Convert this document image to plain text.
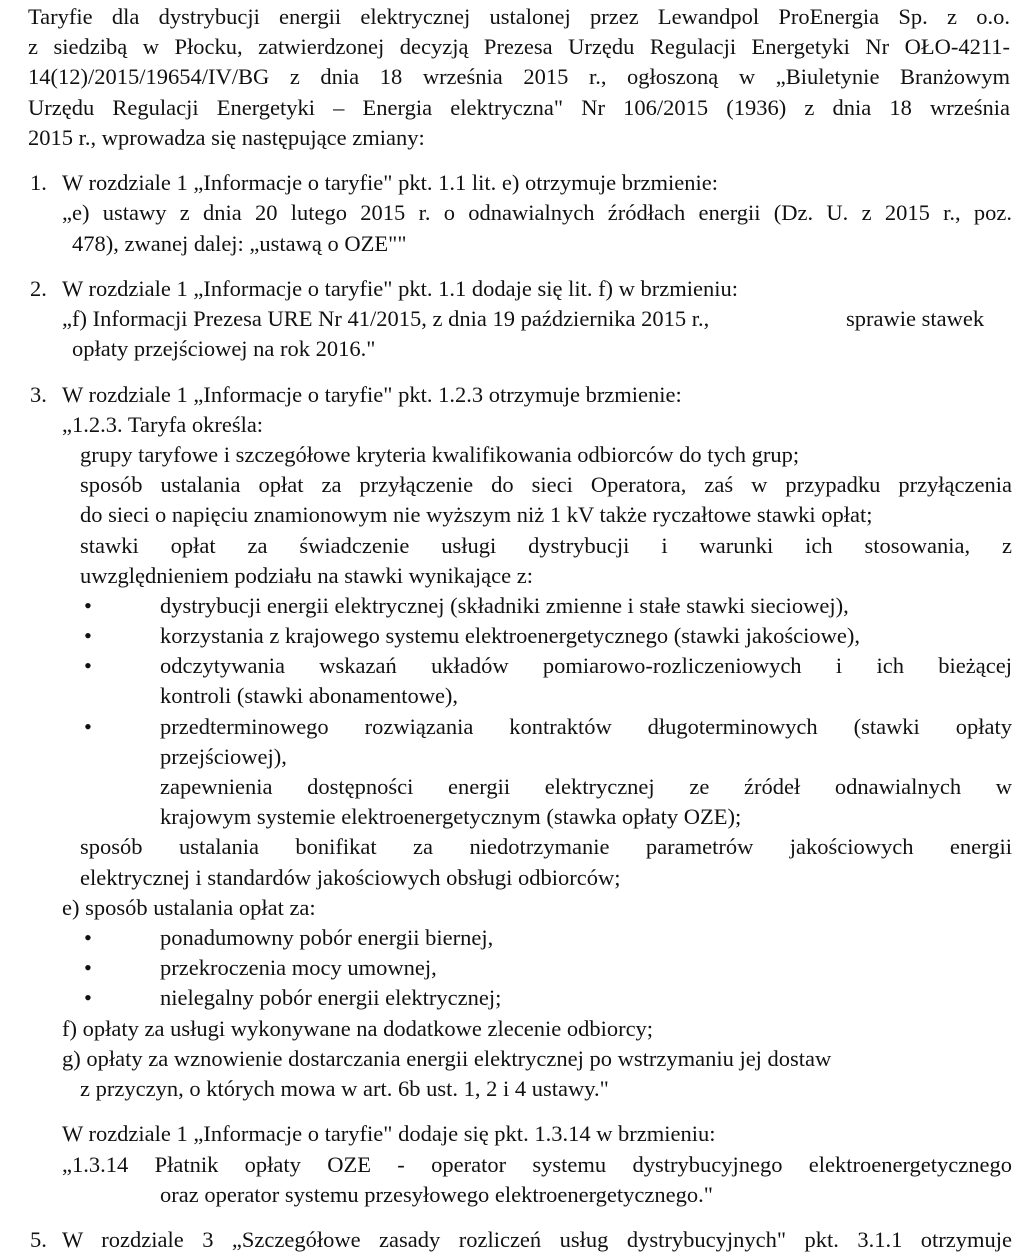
Taryfie dla dystrybucji energii elektrycznej ustalonej przez Lewandpol ProEnergia Sp. z o.o.
z siedzibą w Płocku, zatwierdzonej decyzją Prezesa Urzędu Regulacji Energetyki Nr OŁO-4211-
14(12)/2015/19654/IV/BG z dnia 18 września 2015 r., ogłoszoną w „Biuletynie Branżowym
Urzędu Regulacji Energetyki – Energia elektryczna" Nr 106/2015 (1936) z dnia 18 września
2015 r., wprowadza się następujące zmiany:
1. W rozdziale 1 „Informacje o taryfie" pkt. 1.1 lit. e) otrzymuje brzmienie:
„e) ustawy z dnia 20 lutego 2015 r. o odnawialnych źródłach energii (Dz. U. z 2015 r., poz.
478), zwanej dalej: „ustawą o OZE""
2. W rozdziale 1 „Informacje o taryfie" pkt. 1.1 dodaje się lit. f) w brzmieniu:
„f) Informacji Prezesa URE Nr 41/2015, z dnia 19 października 2015 r.,	sprawie stawek
opłaty przejściowej na rok 2016."
3. W rozdziale 1 „Informacje o taryfie" pkt. 1.2.3 otrzymuje brzmienie:
„1.2.3. Taryfa określa:
grupy taryfowe i szczegółowe kryteria kwalifikowania odbiorców do tych grup;
sposób ustalania opłat za przyłączenie do sieci Operatora, zaś w przypadku przyłączenia
do sieci o napięciu znamionowym nie wyższym niż 1 kV także ryczałtowe stawki opłat;
stawki opłat za świadczenie usługi dystrybucji i warunki ich stosowania, z
uwzględnieniem podziału na stawki wynikające z:
•	dystrybucji energii elektrycznej (składniki zmienne i stałe stawki sieciowej),
•	korzystania z krajowego systemu elektroenergetycznego (stawki jakościowe),
•	odczytywania wskazań układów pomiarowo-rozliczeniowych i ich bieżącej
kontroli (stawki abonamentowe),
•	przedterminowego rozwiązania kontraktów długoterminowych (stawki opłaty
przejściowej),
zapewnienia dostępności energii elektrycznej ze źródeł odnawialnych w
krajowym systemie elektroenergetycznym (stawka opłaty OZE);
sposób ustalania bonifikat za niedotrzymanie parametrów jakościowych energii
elektrycznej i standardów jakościowych obsługi odbiorców;
e) sposób ustalania opłat za:
•	ponadumowny pobór energii biernej,
•	przekroczenia mocy umownej,
•	nielegalny pobór energii elektrycznej;
f) opłaty za usługi wykonywane na dodatkowe zlecenie odbiorcy;
g) opłaty za wznowienie dostarczania energii elektrycznej po wstrzymaniu jej dostaw
z przyczyn, o których mowa w art. 6b ust. 1, 2 i 4 ustawy."
W rozdziale 1 „Informacje o taryfie" dodaje się pkt. 1.3.14 w brzmieniu:
„1.3.14 Płatnik opłaty OZE - operator systemu dystrybucyjnego elektroenergetycznego
oraz operator systemu przesyłowego elektroenergetycznego."
5. W rozdziale 3 „Szczegółowe zasady rozliczeń usług dystrybucyjnych" pkt. 3.1.1 otrzymuje
